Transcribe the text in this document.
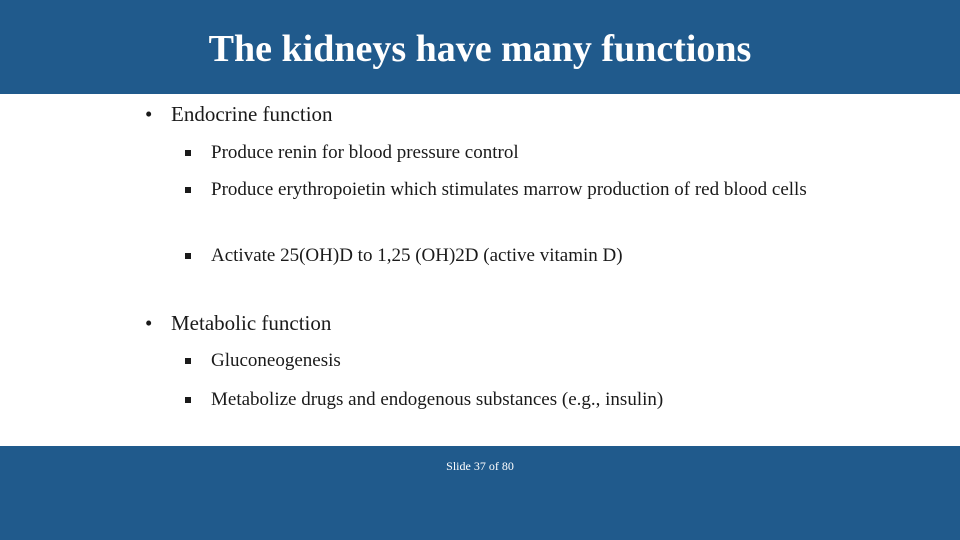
The kidneys have many functions
• Endocrine function
Produce renin for blood pressure control
Produce erythropoietin which stimulates marrow production of red blood cells
Activate 25(OH)D to 1,25 (OH)2D (active vitamin D)
• Metabolic function
Gluconeogenesis
Metabolize drugs and endogenous substances (e.g., insulin)
Slide 37 of 80
